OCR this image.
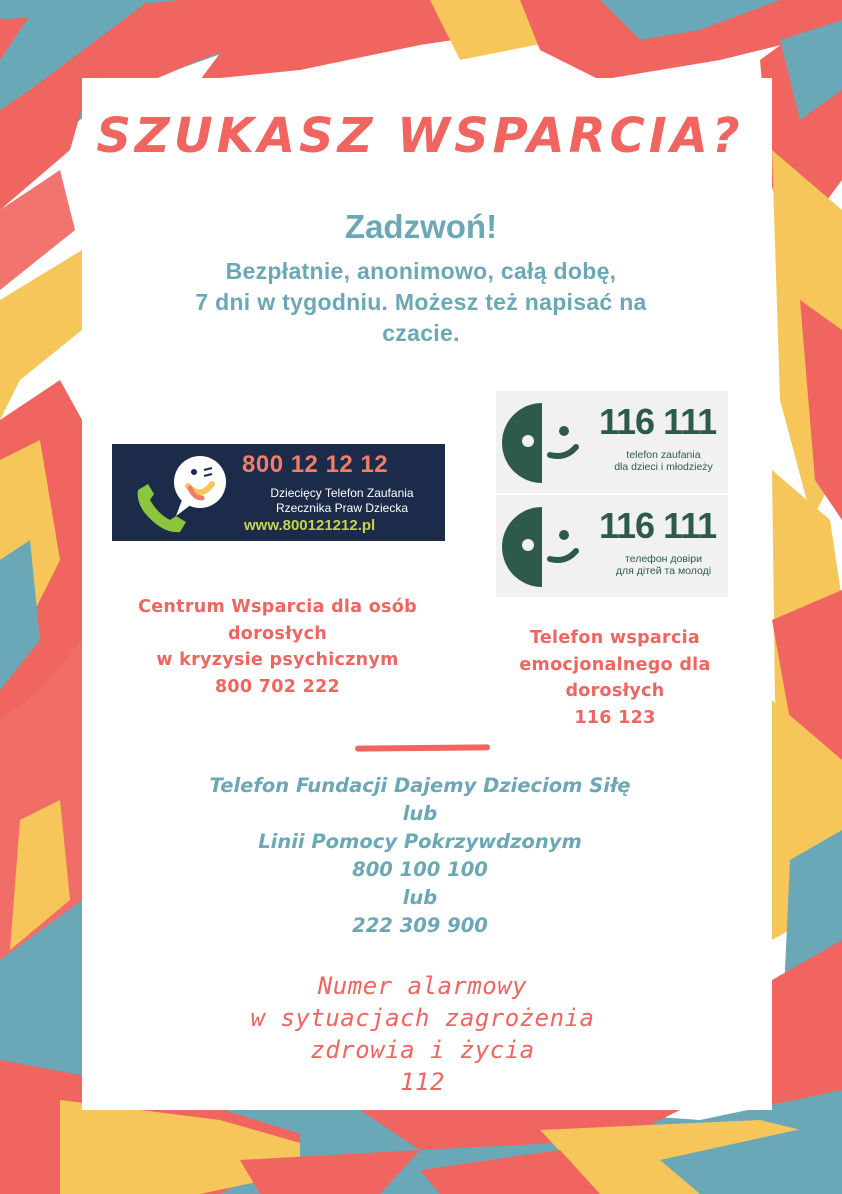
SZUKASZ WSPARCIA?
Zadzwoń!
Bezpłatnie, anonimowo, całą dobę,
7 dni w tygodniu. Możesz też napisać na
czacie.
800 12 12 12
Dziecięcy Telefon Zaufania
Rzecznika Praw Dziecka
www.800121212.pl
116 111
telefon zaufania
dla dzieci i młodzieży
116 111
телефон довіри
для дітей та молоді
Centrum Wsparcia dla osób
dorosłych
w kryzysie psychicznym
800 702 222
Telefon wsparcia
emocjonalnego dla
dorosłych
116 123
Telefon Fundacji Dajemy Dzieciom Siłę
lub
Linii Pomocy Pokrzywdzonym
800 100 100
lub
222 309 900
Numer alarmowy
w sytuacjach zagrożenia
zdrowia i życia
112
